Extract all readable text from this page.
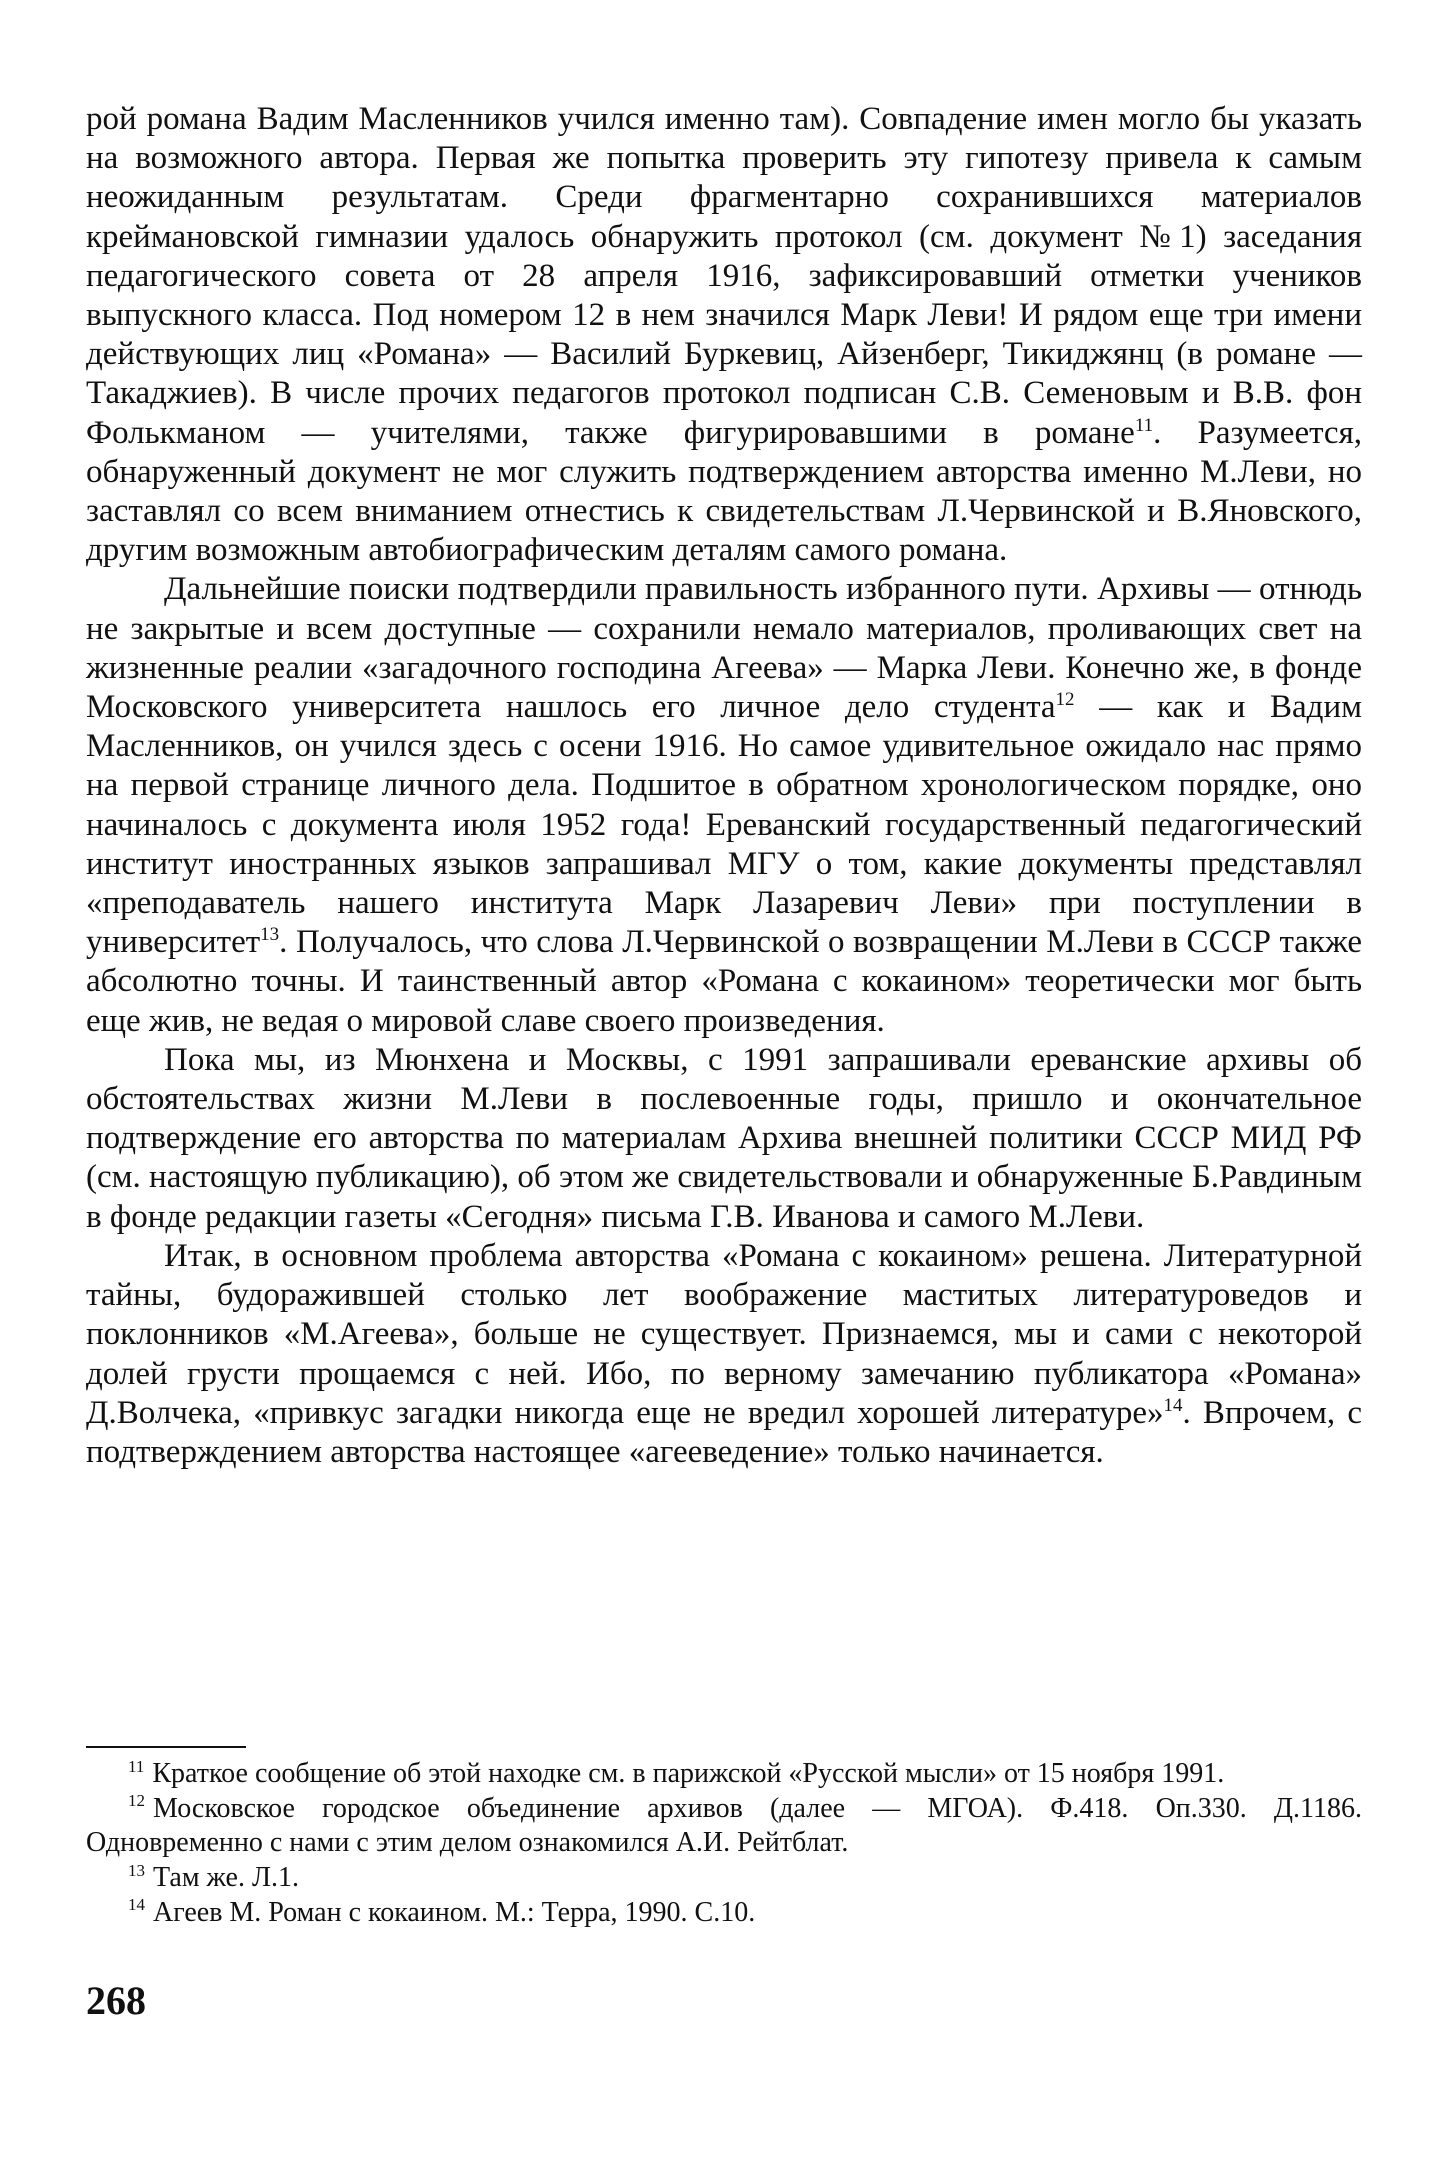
рой романа Вадим Масленников учился именно там). Совпадение имен могло бы указать на возможного автора. Первая же попытка проверить эту гипотезу привела к самым неожиданным результатам. Среди фрагментарно сохранившихся материалов креймановской гимназии удалось обнаружить протокол (см. документ №1) заседания педагогического совета от 28 апреля 1916, зафиксировавший отметки учеников выпускного класса. Под номером 12 в нем значился Марк Леви! И рядом еще три имени действующих лиц «Романа» — Василий Буркевиц, Айзенберг, Тикиджянц (в романе — Такаджиев). В числе прочих педагогов протокол подписан С.В. Семеновым и В.В. фон Фолькманом — учителями, также фигурировавшими в романе$^{11}$. Разумеется, обнаруженный документ не мог служить подтверждением авторства именно М.Леви, но заставлял со всем вниманием отнестись к свидетельствам Л.Червинской и В.Яновского, другим возможным автобиографическим деталям самого романа.

Дальнейшие поиски подтвердили правильность избранного пути. Архивы — отнюдь не закрытые и всем доступные — сохранили немало материалов, проливающих свет на жизненные реалии «загадочного господина Агеева» — Марка Леви. Конечно же, в фонде Московского университета нашлось его личное дело студента$^{12}$ — как и Вадим Масленников, он учился здесь с осени 1916. Но самое удивительное ожидало нас прямо на первой странице личного дела. Подшитое в обратном хронологическом порядке, оно начиналось с документа июля 1952 года! Ереванский государственный педагогический институт иностранных языков запрашивал МГУ о том, какие документы представлял «преподаватель нашего института Марк Лазаревич Леви» при поступлении в университет$^{13}$. Получалось, что слова Л.Червинской о возвращении М.Леви в СССР также абсолютно точны. И таинственный автор «Романа с кокаином» теоретически мог быть еще жив, не ведая о мировой славе своего произведения.

Пока мы, из Мюнхена и Москвы, с 1991 запрашивали ереванские архивы об обстоятельствах жизни М.Леви в послевоенные годы, пришло и окончательное подтверждение его авторства по материалам Архива внешней политики СССР МИД РФ (см. настоящую публикацию), об этом же свидетельствовали и обнаруженные Б.Равдиным в фонде редакции газеты «Сегодня» письма Г.В. Иванова и самого М.Леви.

Итак, в основном проблема авторства «Романа с кокаином» решена. Литературной тайны, будоражившей столько лет воображение маститых литературоведов и поклонников «М.Агеева», больше не существует. Признаемся, мы и сами с некоторой долей грусти прощаемся с ней. Ибо, по верному замечанию публикатора «Романа» Д.Волчека, «привкус загадки никогда еще не вредил хорошей литературе»$^{14}$. Впрочем, с подтверждением авторства настоящее «агееведение» только начинается.

$^{11}$ Краткое сообщение об этой находке см. в парижской «Русской мысли» от 15 ноября 1991.

$^{12}$ Московское городское объединение архивов (далее — МГОА). Ф.418. Оп.330. Д.1186. Одновременно с нами с этим делом ознакомился А.И. Рейтблат.

$^{13}$ Там же. Л.1.

$^{14}$ Агеев М. Роман с кокаином. М.: Терра, 1990. С.10.

268
